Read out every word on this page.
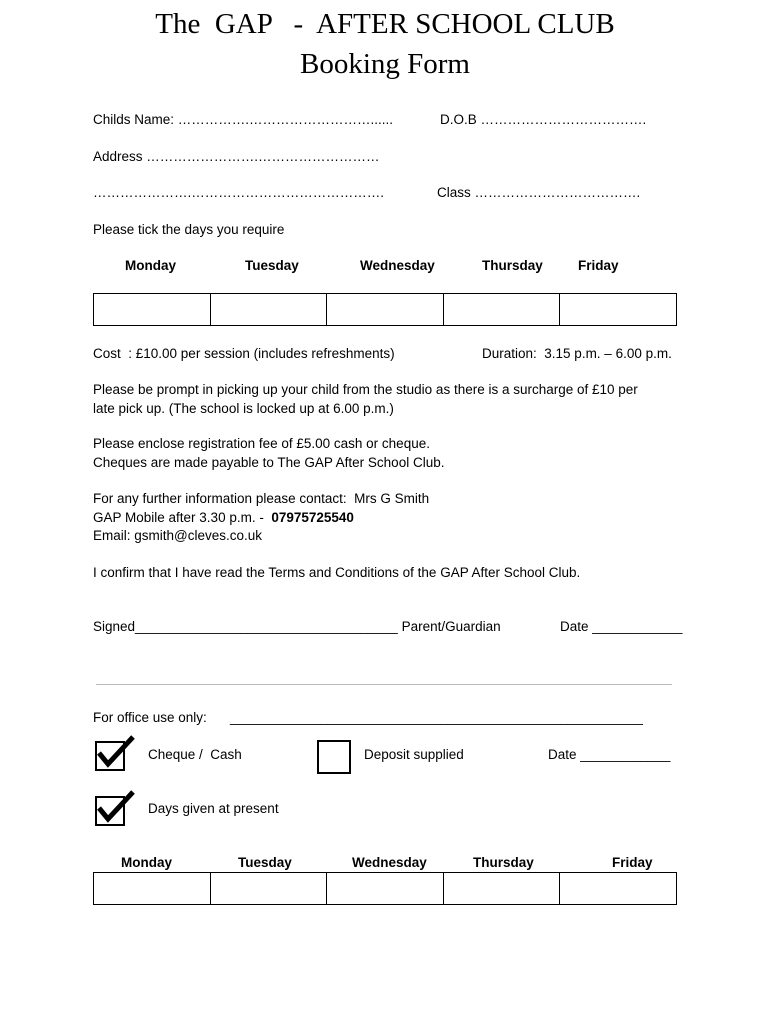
The  GAP   -  AFTER SCHOOL CLUB
Booking Form
Childs Name: …………….………………………......	D.O.B ……………………………….
Address …………………….………………………
………………….…………………………………….	Class ……………………………….
Please tick the days you require
Monday	Tuesday	Wednesday	Thursday	Friday
Cost  : £10.00 per session (includes refreshments)	Duration:  3.15 p.m. – 6.00 p.m.
Please be prompt in picking up your child from the studio as there is a surcharge of £10 per
late pick up. (The school is locked up at 6.00 p.m.)
Please enclose registration fee of £5.00 cash or cheque.
Cheques are made payable to The GAP After School Club.
For any further information please contact:  Mrs G Smith
GAP Mobile after 3.30 p.m. -  07975725540
Email: gsmith@cleves.co.uk
I confirm that I have read the Terms and Conditions of the GAP After School Club.
Signed___________________________________ Parent/Guardian	Date ____________
For office use only: _______________________________________________________
Cheque /  Cash	Deposit supplied	Date ____________
Days given at present
Monday	Tuesday	Wednesday	Thursday	Friday
